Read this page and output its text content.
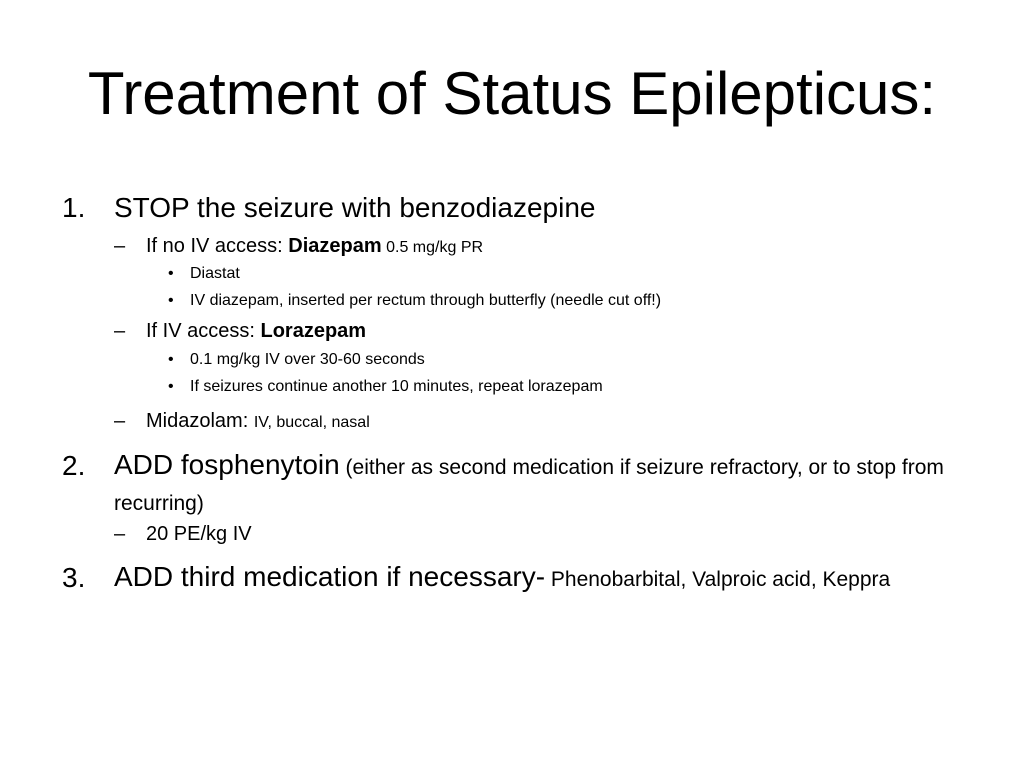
Treatment of Status Epilepticus:
1. STOP the seizure with benzodiazepine
– If no IV access: Diazepam 0.5 mg/kg PR
• Diastat
• IV diazepam, inserted per rectum through butterfly (needle cut off!)
– If IV access: Lorazepam
• 0.1 mg/kg IV over 30-60 seconds
• If seizures continue another 10 minutes, repeat lorazepam
– Midazolam: IV, buccal, nasal
2. ADD fosphenytoin (either as second medication if seizure refractory, or to stop from recurring)
– 20 PE/kg IV
3. ADD third medication if necessary- Phenobarbital, Valproic acid, Keppra
